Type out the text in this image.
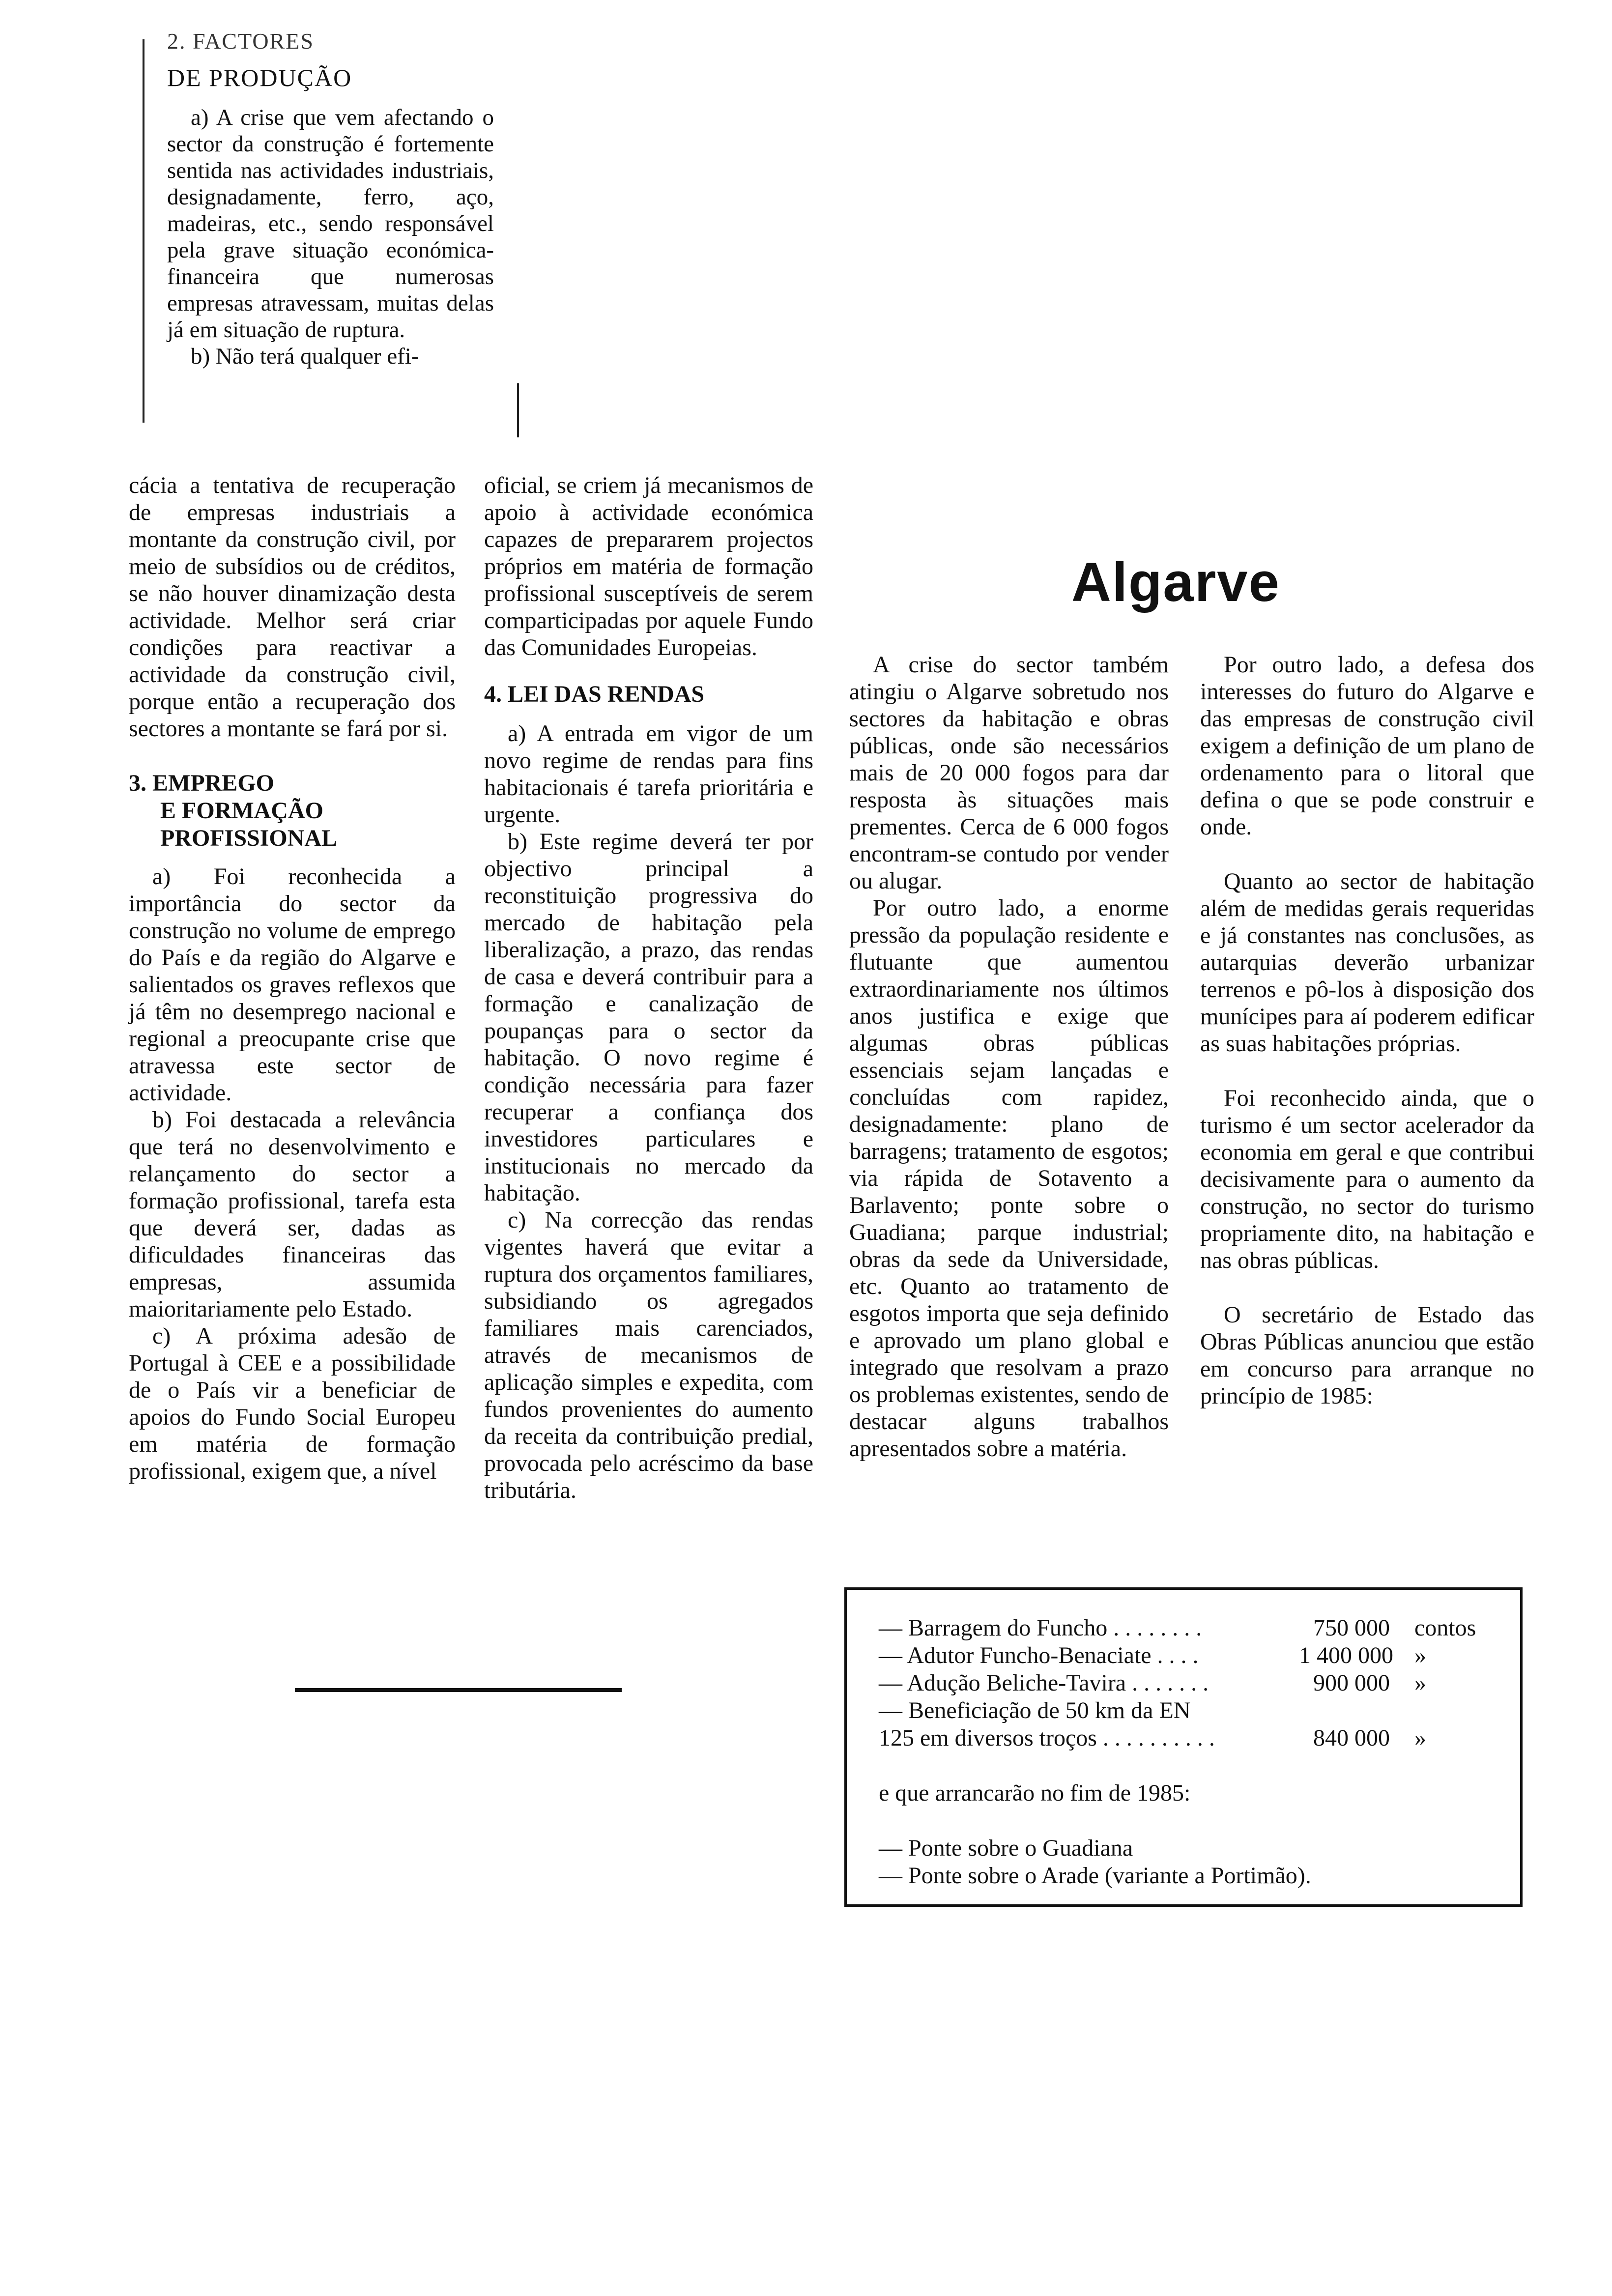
2. FACTORES
DE PRODUÇÃO

a) A crise que vem afectando o sector da construção é fortemente sentida nas actividades industriais, designadamente, ferro, aço, madeiras, etc., sendo responsável pela grave situação económica-financeira que numerosas empresas atravessam, muitas delas já em situação de ruptura.

b) Não terá qualquer efi-

cácia a tentativa de recuperação de empresas industriais a montante da construção civil, por meio de subsídios ou de créditos, se não houver dinamização desta actividade. Melhor será criar condições para reactivar a actividade da construção civil, porque então a recuperação dos sectores a montante se fará por si.

3. EMPREGO
E FORMAÇÃO
PROFISSIONAL

a) Foi reconhecida a importância do sector da construção no volume de emprego do País e da região do Algarve e salientados os graves reflexos que já têm no desemprego nacional e regional a preocupante crise que atravessa este sector de actividade.

b) Foi destacada a relevância que terá no desenvolvimento e relançamento do sector a formação profissional, tarefa esta que deverá ser, dadas as dificuldades financeiras das empresas, assumida maioritariamente pelo Estado.

c) A próxima adesão de Portugal à CEE e a possibilidade de o País vir a beneficiar de apoios do Fundo Social Europeu em matéria de formação profissional, exigem que, a nível

oficial, se criem já mecanismos de apoio à actividade económica capazes de prepararem projectos próprios em matéria de formação profissional susceptíveis de serem comparticipadas por aquele Fundo das Comunidades Europeias.

4. LEI DAS RENDAS

a) A entrada em vigor de um novo regime de rendas para fins habitacionais é tarefa prioritária e urgente.

b) Este regime deverá ter por objectivo principal a reconstituição progressiva do mercado de habitação pela liberalização, a prazo, das rendas de casa e deverá contribuir para a formação e canalização de poupanças para o sector da habitação. O novo regime é condição necessária para fazer recuperar a confiança dos investidores particulares e institucionais no mercado da habitação.

c) Na correcção das rendas vigentes haverá que evitar a ruptura dos orçamentos familiares, subsidiando os agregados familiares mais carenciados, através de mecanismos de aplicação simples e expedita, com fundos provenientes do aumento da receita da contribuição predial, provocada pelo acréscimo da base tributária.

Algarve

A crise do sector também atingiu o Algarve sobretudo nos sectores da habitação e obras públicas, onde são necessários mais de 20 000 fogos para dar resposta às situações mais prementes. Cerca de 6 000 fogos encontram-se contudo por vender ou alugar.

Por outro lado, a enorme pressão da população residente e flutuante que aumentou extraordinariamente nos últimos anos justifica e exige que algumas obras públicas essenciais sejam lançadas e concluídas com rapidez, designadamente: plano de barragens; tratamento de esgotos; via rápida de Sotavento a Barlavento; ponte sobre o Guadiana; parque industrial; obras da sede da Universidade, etc. Quanto ao tratamento de esgotos importa que seja definido e aprovado um plano global e integrado que resolvam a prazo os problemas existentes, sendo de destacar alguns trabalhos apresentados sobre a matéria.

Por outro lado, a defesa dos interesses do futuro do Algarve e das empresas de construção civil exigem a definição de um plano de ordenamento para o litoral que defina o que se pode construir e onde.

Quanto ao sector de habitação além de medidas gerais requeridas e já constantes nas conclusões, as autarquias deverão urbanizar terrenos e pô-los à disposição dos munícipes para aí poderem edificar as suas habitações próprias.

Foi reconhecido ainda, que o turismo é um sector acelerador da economia em geral e que contribui decisivamente para o aumento da construção, no sector do turismo propriamente dito, na habitação e nas obras públicas.

O secretário de Estado das Obras Públicas anunciou que estão em concurso para arranque no princípio de 1985:

— Barragem do Funcho . . . . . . . .	750 000 contos
— Adutor Funcho-Benaciate . . . .	1 400 000 »
— Adução Beliche-Tavira . . . . . . .	900 000 »
— Beneficiação de 50 km da EN
125 em diversos troços . . . . . . . . . .	840 000 »
e que arrancarão no fim de 1985:
— Ponte sobre o Guadiana
— Ponte sobre o Arade (variante a Portimão).
